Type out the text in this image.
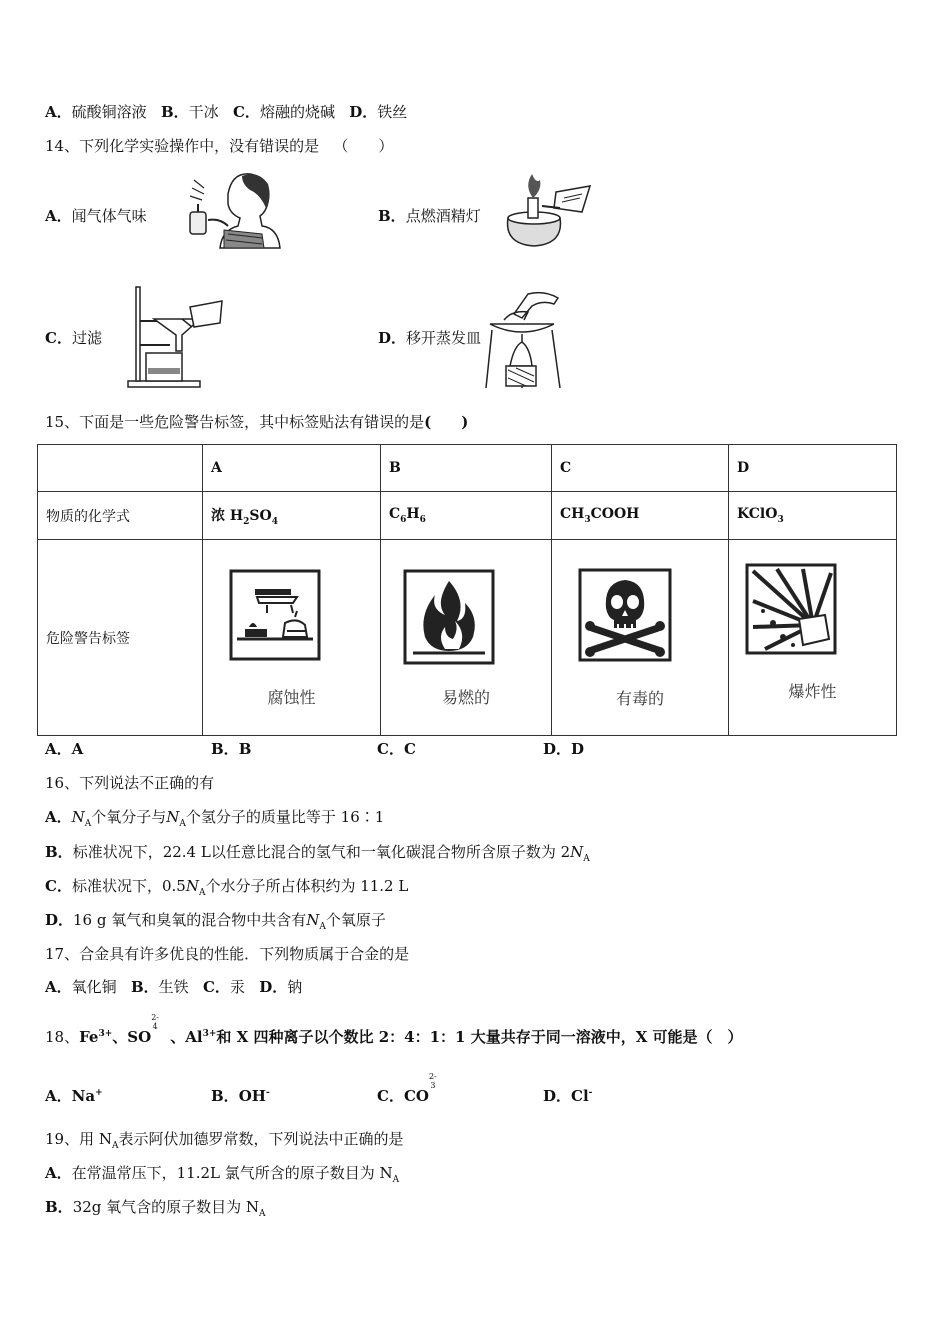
A．硫酸铜溶液 B．干冰 C．熔融的烧碱 D．铁丝
14、下列化学实验操作中，没有错误的是 （　　）
A．闻气体气味	B．点燃酒精灯
C．过滤	D．移开蒸发皿
15、下面是一些危险警告标签，其中标签贴法有错误的是(　　)
	A	B	C	D
物质的化学式	浓 $H_2SO_4$	$C_6H_6$	$CH_3COOH$	KClO$_3$
危险警告标签	腐蚀性	易燃的	有毒的	爆炸性
A．A	B．B	C．C	D．D
16、下列说法不正确的有
A．$N_A$个氧分子与$N_A$个氢分子的质量比等于 16∶1
B．标准状况下，22.4 L以任意比混合的氢气和一氧化碳混合物所含原子数为 $2N_A$
C．标准状况下，$0.5N_A$个水分子所占体积约为 11.2 L
D．16 g 氧气和臭氧的混合物中共含有$N_A$个氧原子
17、合金具有许多优良的性能．下列物质属于合金的是
A．氧化铜 B．生铁 C．汞 D．钠
18、$Fe^{3+}$、SO
2-
4
、$Al^{3+}$和 X 四种离子以个数比 2：4：1：1 大量共存于同一溶液中，X 可能是（　）
A．Na+	B．OH-	C．CO
2-
3
D．Cl-
19、用 $N_A$表示阿伏加德罗常数，下列说法中正确的是
A．在常温常压下，11.2L 氯气所含的原子数目为 $N_A$
B．32g 氧气含的原子数目为 $N_A$
